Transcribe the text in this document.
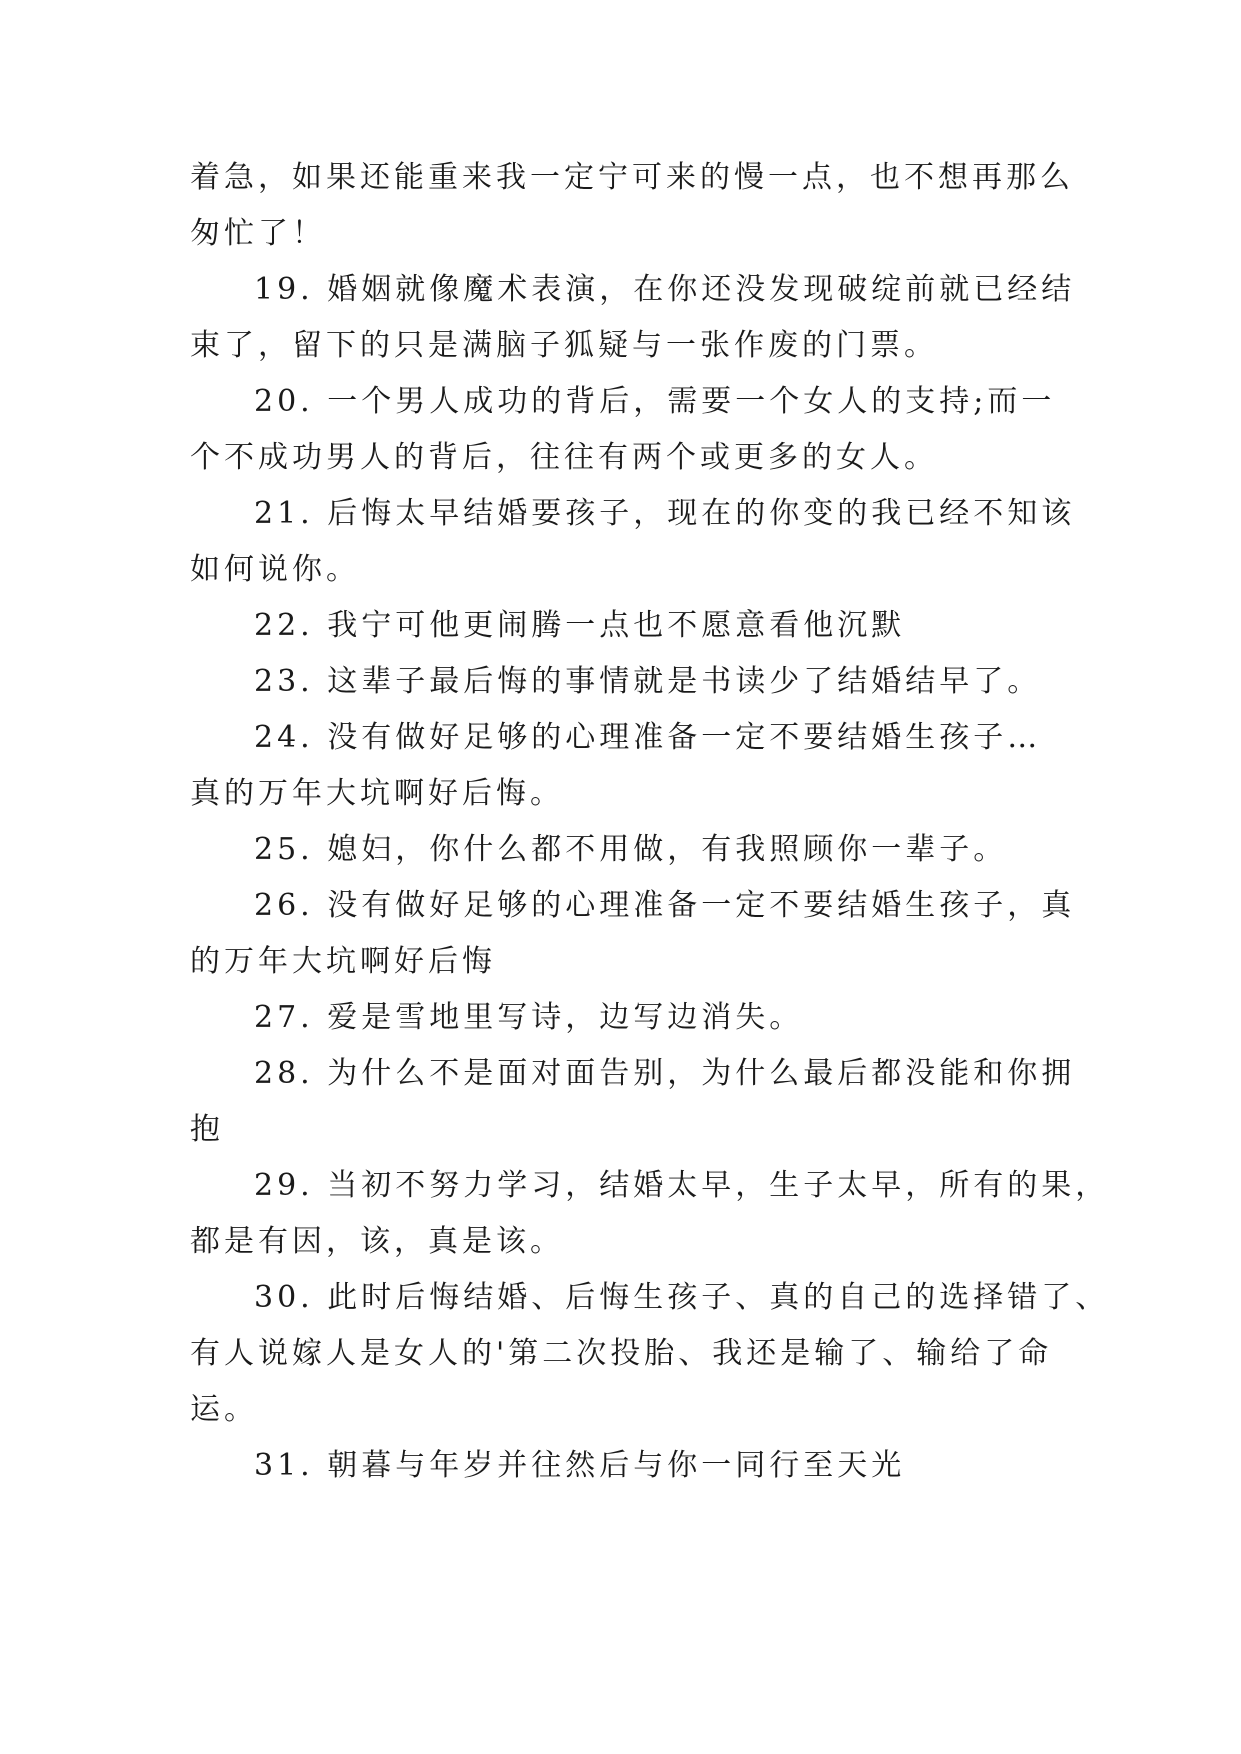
着急，如果还能重来我一定宁可来的慢一点，也不想再那么
匆忙了！
19. 婚姻就像魔术表演，在你还没发现破绽前就已经结
束了，留下的只是满脑子狐疑与一张作废的门票。
20. 一个男人成功的背后，需要一个女人的支持;而一
个不成功男人的背后，往往有两个或更多的女人。
21. 后悔太早结婚要孩子，现在的你变的我已经不知该
如何说你。
22. 我宁可他更闹腾一点也不愿意看他沉默
23. 这辈子最后悔的事情就是书读少了结婚结早了。
24. 没有做好足够的心理准备一定不要结婚生孩子…
真的万年大坑啊好后悔。
25. 媳妇，你什么都不用做，有我照顾你一辈子。
26. 没有做好足够的心理准备一定不要结婚生孩子，真
的万年大坑啊好后悔
27. 爱是雪地里写诗，边写边消失。
28. 为什么不是面对面告别，为什么最后都没能和你拥
抱
29. 当初不努力学习，结婚太早，生子太早，所有的果，
都是有因，该，真是该。
30. 此时后悔结婚、后悔生孩子、真的自己的选择错了、
有人说嫁人是女人的'第二次投胎、我还是输了、输给了命
运。
31. 朝暮与年岁并往然后与你一同行至天光
